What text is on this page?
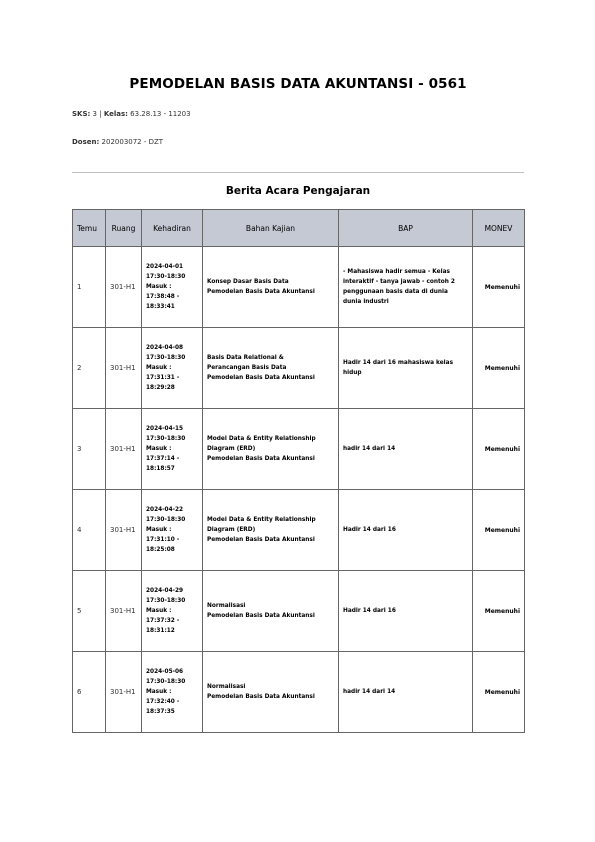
PEMODELAN BASIS DATA AKUNTANSI - 0561
SKS: 3 | Kelas: 63.28.13 - 11203
Dosen: 202003072 - DZT
Berita Acara Pengajaran
Temu	Ruang	Kehadiran	Bahan Kajian	BAP	MONEV
1	301-H1	2024-04-01
17:30-18:30
Masuk :
17:38:48 -
18:33:41	Konsep Dasar Basis Data
Pemodelan Basis Data Akuntansi	- Mahasiswa hadir semua - Kelas
interaktif - tanya jawab - contoh 2
penggunaan basis data di dunia
dunia industri	Memenuhi
2	301-H1	2024-04-08
17:30-18:30
Masuk :
17:31:31 -
18:29:28	Basis Data Relational &
Perancangan Basis Data
Pemodelan Basis Data Akuntansi	Hadir 14 dari 16 mahasiswa kelas
hidup	Memenuhi
3	301-H1	2024-04-15
17:30-18:30
Masuk :
17:37:14 -
18:18:57	Model Data & Entity Relationship
Diagram (ERD)
Pemodelan Basis Data Akuntansi	hadir 14 dari 14	Memenuhi
4	301-H1	2024-04-22
17:30-18:30
Masuk :
17:31:10 -
18:25:08	Model Data & Entity Relationship
Diagram (ERD)
Pemodelan Basis Data Akuntansi	Hadir 14 dari 16	Memenuhi
5	301-H1	2024-04-29
17:30-18:30
Masuk :
17:37:32 -
18:31:12	Normalisasi
Pemodelan Basis Data Akuntansi	Hadir 14 dari 16	Memenuhi
6	301-H1	2024-05-06
17:30-18:30
Masuk :
17:32:40 -
18:37:35	Normalisasi
Pemodelan Basis Data Akuntansi	hadir 14 dari 14	Memenuhi
